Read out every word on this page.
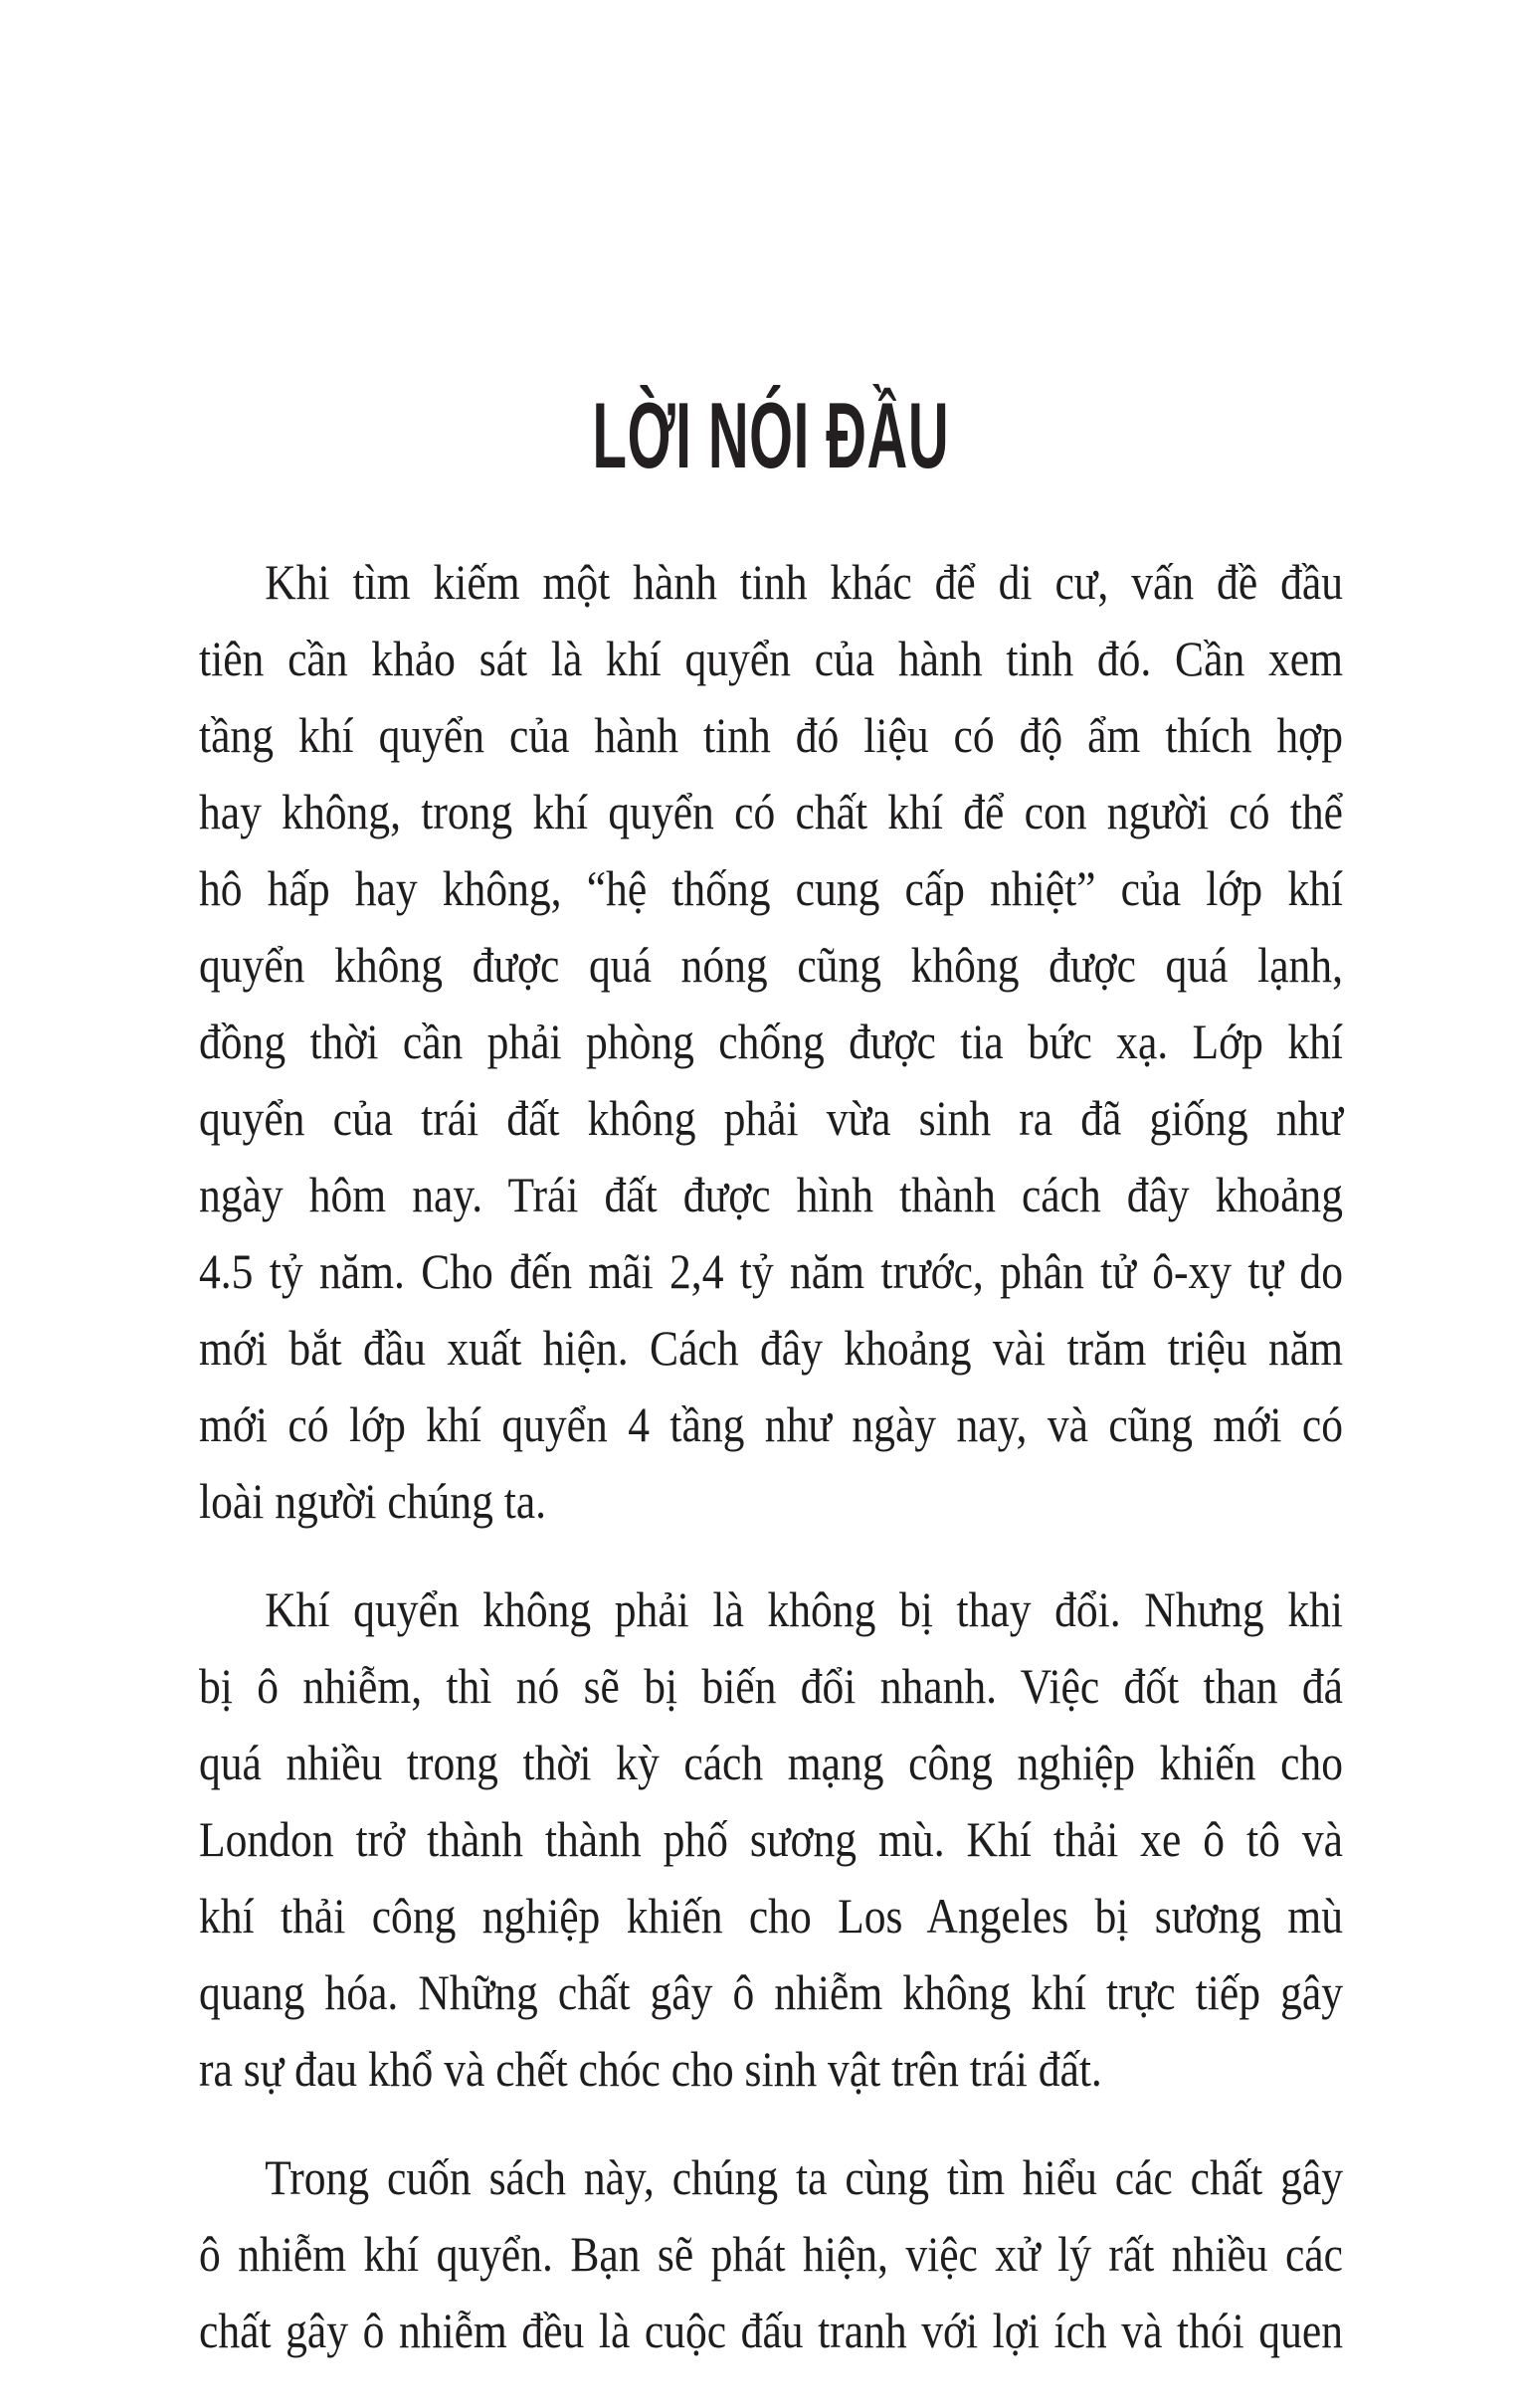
LỜI NÓI ĐẦU
Khi tìm kiếm một hành tinh khác để di cư, vấn đề đầu
tiên cần khảo sát là khí quyển của hành tinh đó. Cần xem
tầng khí quyển của hành tinh đó liệu có độ ẩm thích hợp
hay không, trong khí quyển có chất khí để con người có thể
hô hấp hay không, “hệ thống cung cấp nhiệt” của lớp khí
quyển không được quá nóng cũng không được quá lạnh,
đồng thời cần phải phòng chống được tia bức xạ. Lớp khí
quyển của trái đất không phải vừa sinh ra đã giống như
ngày hôm nay. Trái đất được hình thành cách đây khoảng
4.5 tỷ năm. Cho đến mãi 2,4 tỷ năm trước, phân tử ô-xy tự do
mới bắt đầu xuất hiện. Cách đây khoảng vài trăm triệu năm
mới có lớp khí quyển 4 tầng như ngày nay, và cũng mới có
loài người chúng ta.
Khí quyển không phải là không bị thay đổi. Nhưng khi
bị ô nhiễm, thì nó sẽ bị biến đổi nhanh. Việc đốt than đá
quá nhiều trong thời kỳ cách mạng công nghiệp khiến cho
London trở thành thành phố sương mù. Khí thải xe ô tô và
khí thải công nghiệp khiến cho Los Angeles bị sương mù
quang hóa. Những chất gây ô nhiễm không khí trực tiếp gây
ra sự đau khổ và chết chóc cho sinh vật trên trái đất.
Trong cuốn sách này, chúng ta cùng tìm hiểu các chất gây
ô nhiễm khí quyển. Bạn sẽ phát hiện, việc xử lý rất nhiều các
chất gây ô nhiễm đều là cuộc đấu tranh với lợi ích và thói quen
